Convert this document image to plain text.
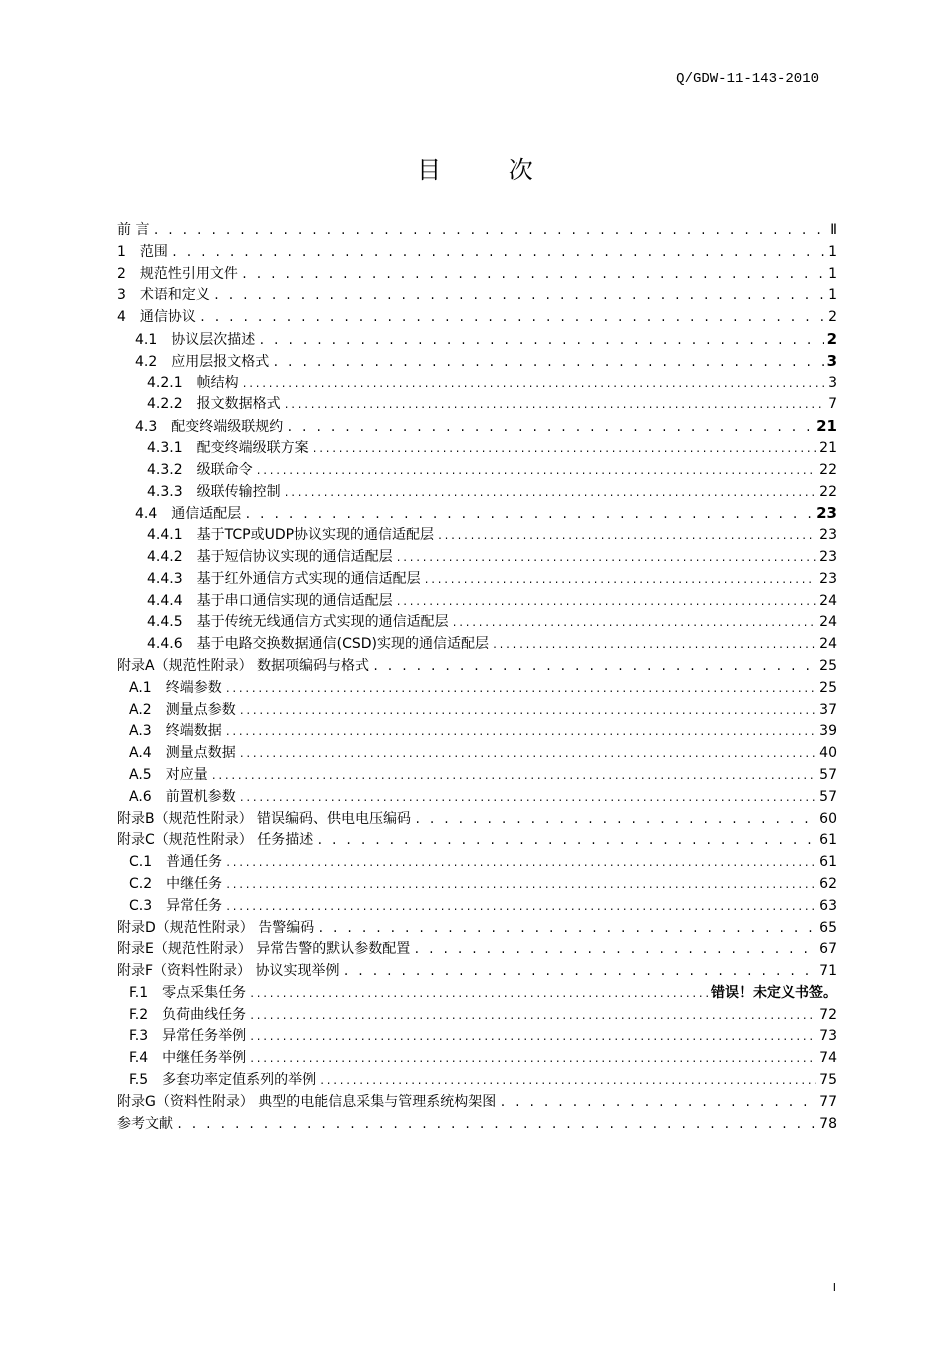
Q/GDW-11-143-2010
目 次
前 言 . . .	Ⅱ
1 范围 . . .	1
2 规范性引用文件 . . .	1
3 术语和定义 . . .	1
4 通信协议 . . .	2
4.1 协议层次描述 . . .	2
4.2 应用层报文格式 . . .	3
4.2.1 帧结构 .....	3
4.2.2 报文数据格式 .....	7
4.3 配变终端级联规约 . . .	21
4.3.1 配变终端级联方案 .....	21
4.3.2 级联命令 .....	22
4.3.3 级联传输控制 .....	22
4.4 通信适配层 . . .	23
4.4.1 基于TCP或UDP协议实现的通信适配层 .....	23
4.4.2 基于短信协议实现的通信适配层 .....	23
4.4.3 基于红外通信方式实现的通信适配层 .....	23
4.4.4 基于串口通信实现的通信适配层 .....	24
4.4.5 基于传统无线通信方式实现的通信适配层 .....	24
4.4.6 基于电路交换数据通信(CSD)实现的通信适配层 .....	24
附录A（规范性附录） 数据项编码与格式 . . .	25
A.1 终端参数 .....	25
A.2 测量点参数 .....	37
A.3 终端数据 .....	39
A.4 测量点数据 .....	40
A.5 对应量 .....	57
A.6 前置机参数 .....	57
附录B（规范性附录） 错误编码、供电电压编码 . . .	60
附录C（规范性附录） 任务描述 . . .	61
C.1 普通任务 .....	61
C.2 中继任务 .....	62
C.3 异常任务 .....	63
附录D（规范性附录） 告警编码 . . .	65
附录E（规范性附录） 异常告警的默认参数配置 . . .	67
附录F（资料性附录） 协议实现举例 . . .	71
F.1 零点采集任务 .....	错误！未定义书签。
F.2 负荷曲线任务 .....	72
F.3 异常任务举例 .....	73
F.4 中继任务举例 .....	74
F.5 多套功率定值系列的举例 .....	75
附录G（资料性附录） 典型的电能信息采集与管理系统构架图 . . .	77
参考文献 . . .	78
I
